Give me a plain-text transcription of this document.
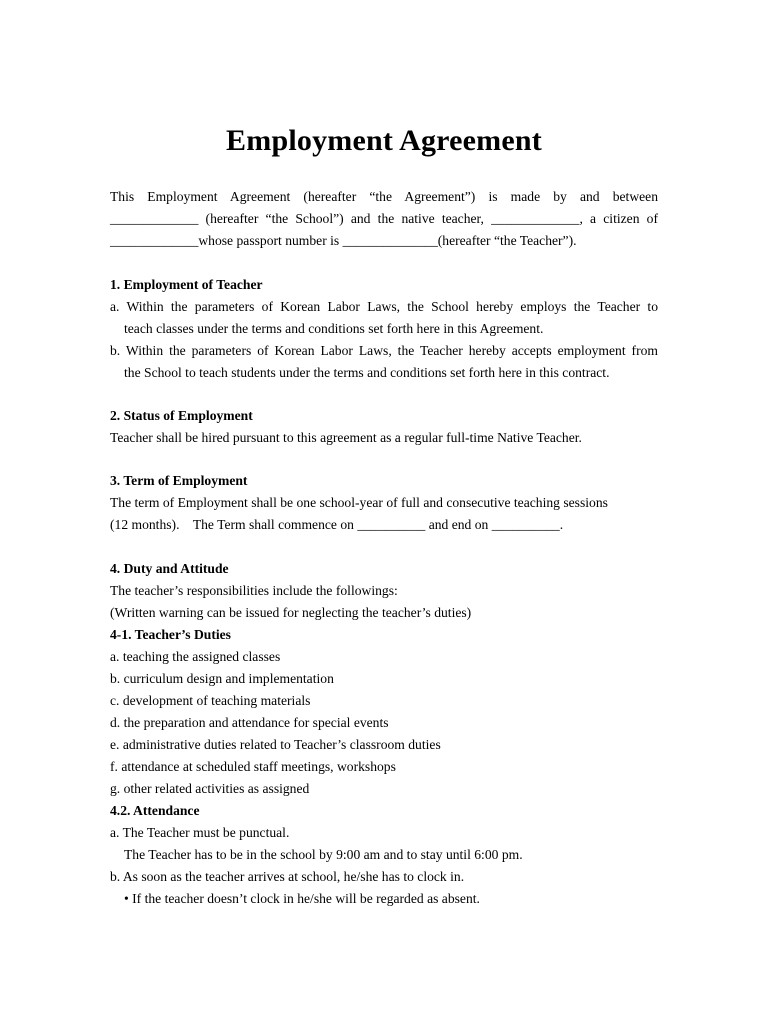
Employment Agreement
This Employment Agreement (hereafter “the Agreement”) is made by and between
_____________ (hereafter “the School”) and the native teacher, _____________, a citizen of
_____________whose passport number is ______________(hereafter “the Teacher”).
1. Employment of Teacher
a. Within the parameters of Korean Labor Laws, the School hereby employs the Teacher to
teach classes under the terms and conditions set forth here in this Agreement.
b. Within the parameters of Korean Labor Laws, the Teacher hereby accepts employment from
the School to teach students under the terms and conditions set forth here in this contract.
2. Status of Employment
Teacher shall be hired pursuant to this agreement as a regular full-time Native Teacher.
3. Term of Employment
The term of Employment shall be one school-year of full and consecutive teaching sessions
(12 months).    The Term shall commence on __________ and end on __________.
4. Duty and Attitude
The teacher’s responsibilities include the followings:
(Written warning can be issued for neglecting the teacher’s duties)
4-1. Teacher’s Duties
a. teaching the assigned classes
b. curriculum design and implementation
c. development of teaching materials
d. the preparation and attendance for special events
e. administrative duties related to Teacher’s classroom duties
f. attendance at scheduled staff meetings, workshops
g. other related activities as assigned
4.2. Attendance
a. The Teacher must be punctual.
The Teacher has to be in the school by 9:00 am and to stay until 6:00 pm.
b. As soon as the teacher arrives at school, he/she has to clock in.
• If the teacher doesn’t clock in he/she will be regarded as absent.
